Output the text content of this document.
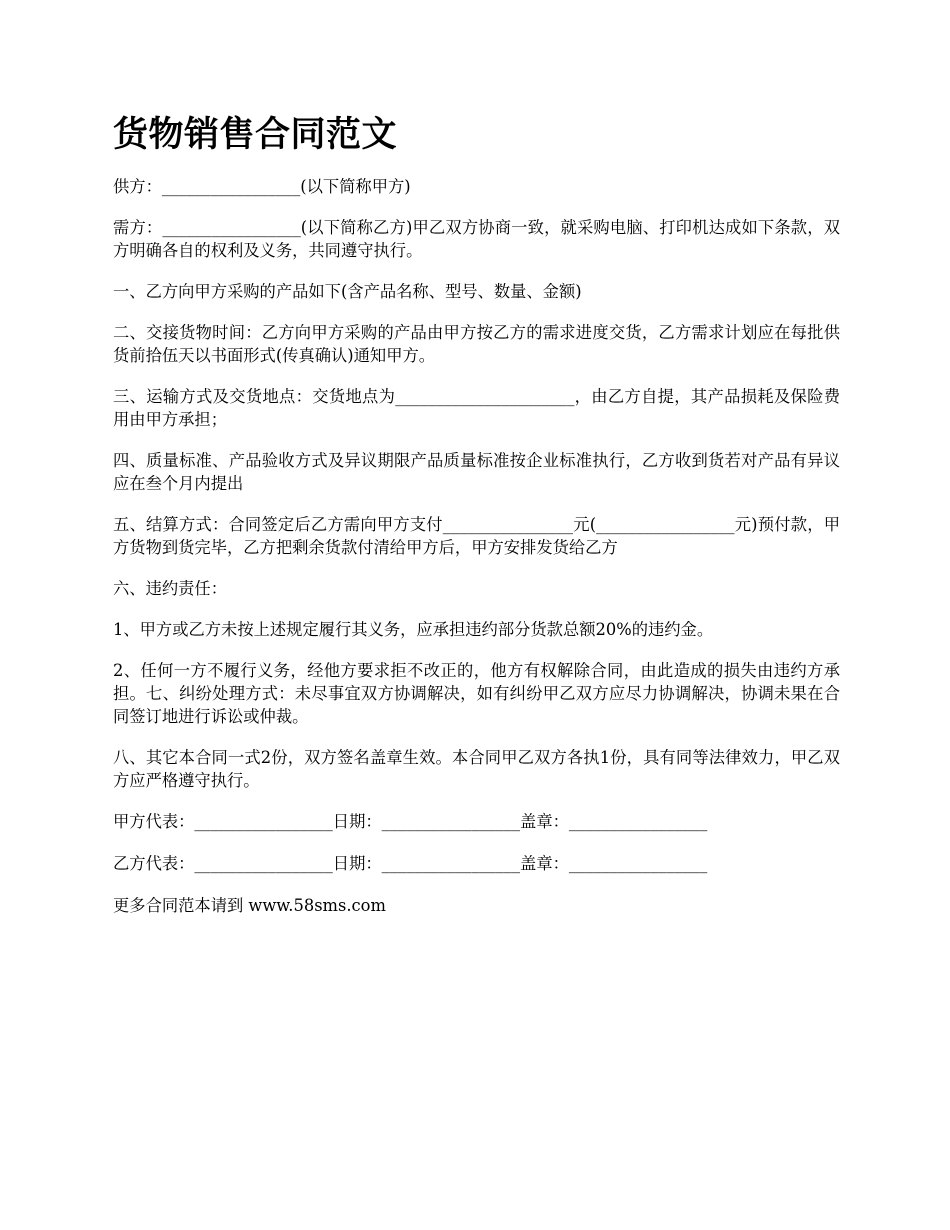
货物销售合同范文

供方：_________________(以下简称甲方)

需方：_________________(以下简称乙方)甲乙双方协商一致，就采购电脑、打印机达成如下条款，双方明确各自的权利及义务，共同遵守执行。

一、乙方向甲方采购的产品如下(含产品名称、型号、数量、金额)

二、交接货物时间：乙方向甲方采购的产品由甲方按乙方的需求进度交货，乙方需求计划应在每批供货前拾伍天以书面形式(传真确认)通知甲方。

三、运输方式及交货地点：交货地点为______________________，由乙方自提，其产品损耗及保险费用由甲方承担；

四、质量标准、产品验收方式及异议期限产品质量标准按企业标准执行，乙方收到货若对产品有异议应在叁个月内提出

五、结算方式：合同签定后乙方需向甲方支付________________元(_________________元)预付款，甲方货物到货完毕，乙方把剩余货款付清给甲方后，甲方安排发货给乙方

六、违约责任：

1、甲方或乙方未按上述规定履行其义务，应承担违约部分货款总额20%的违约金。

2、任何一方不履行义务，经他方要求拒不改正的，他方有权解除合同，由此造成的损失由违约方承担。七、纠纷处理方式：未尽事宜双方协调解决，如有纠纷甲乙双方应尽力协调解决，协调未果在合同签订地进行诉讼或仲裁。

八、其它本合同一式2份，双方签名盖章生效。本合同甲乙双方各执1份，具有同等法律效力，甲乙双方应严格遵守执行。

甲方代表：_________________日期：_________________盖章：_________________

乙方代表：_________________日期：_________________盖章：_________________

更多合同范本请到 www.58sms.com
